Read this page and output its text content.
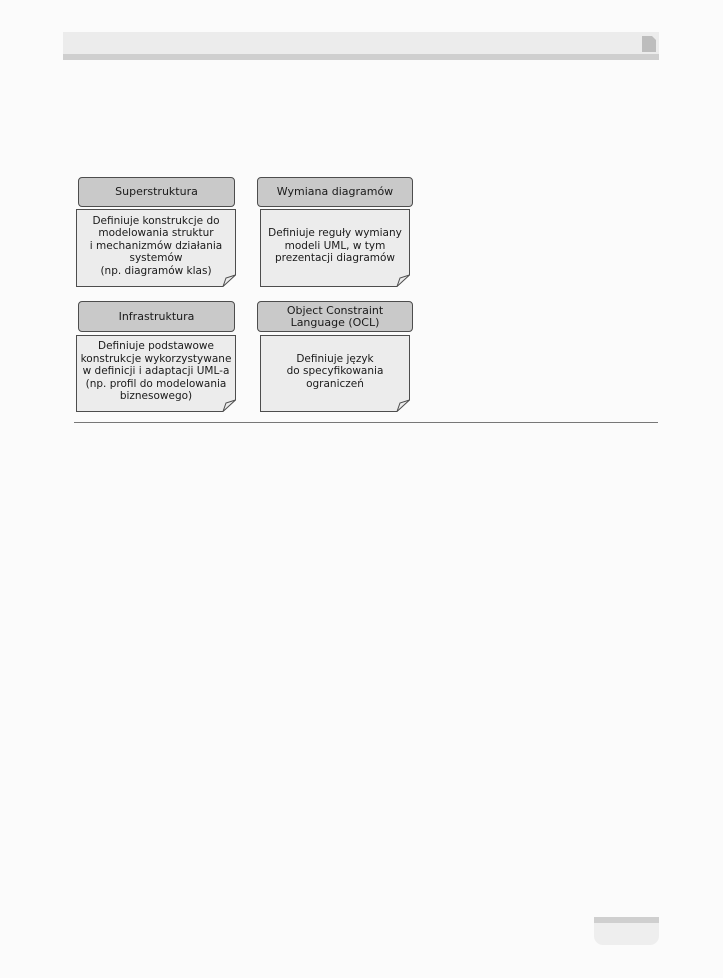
Superstruktura
Definiuje konstrukcje do
modelowania struktur
i mechanizmów działania
systemów
(np. diagramów klas)
Wymiana diagramów
Definiuje reguły wymiany
modeli UML, w tym
prezentacji diagramów
Infrastruktura
Definiuje podstawowe
konstrukcje wykorzystywane
w definicji i adaptacji UML-a
(np. profil do modelowania
biznesowego)
Object Constraint
Language (OCL)
Definiuje język
do specyfikowania
ograniczeń
